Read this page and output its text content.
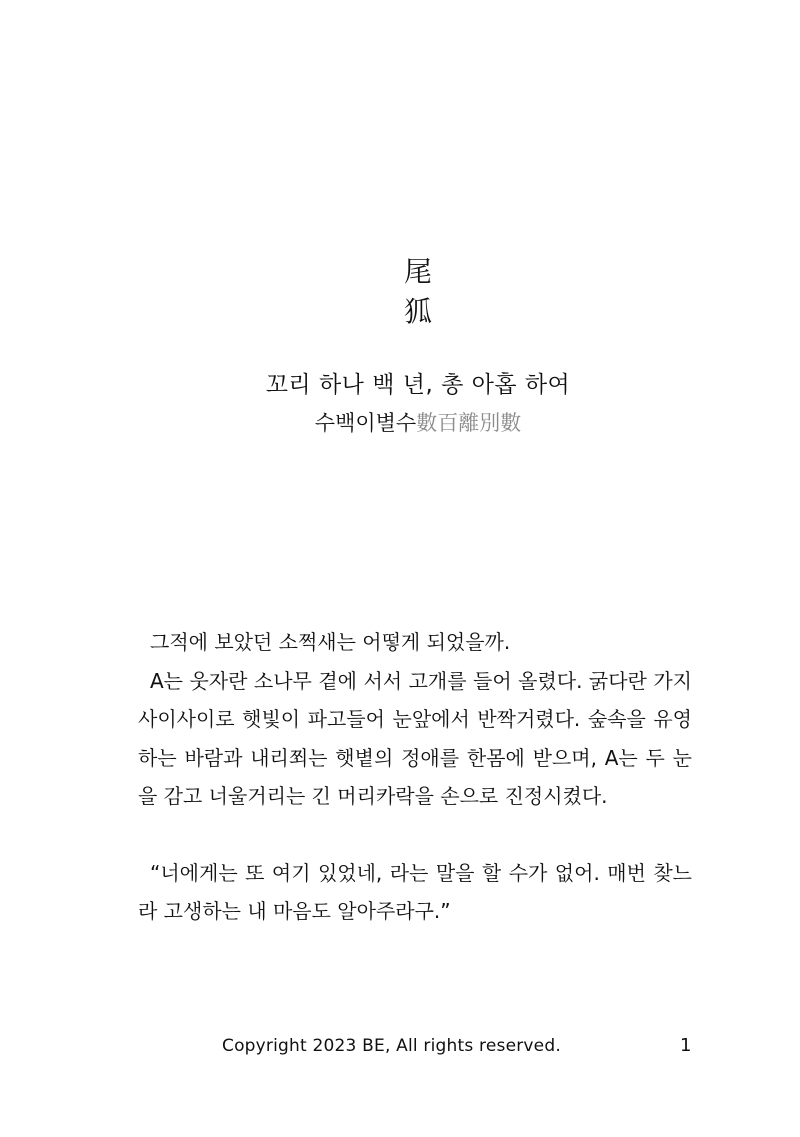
尾
狐
꼬리 하나 백 년, 총 아홉 하여
수백이별수數百離別數

그적에 보았던 소쩍새는 어떻게 되었을까.

A는 웃자란 소나무 곁에 서서 고개를 들어 올렸다. 굵다란 가지 사이사이로 햇빛이 파고들어 눈앞에서 반짝거렸다. 숲속을 유영하는 바람과 내리쬐는 햇볕의 정애를 한몸에 받으며, A는 두 눈을 감고 너울거리는 긴 머리카락을 손으로 진정시켰다.

“너에게는 또 여기 있었네, 라는 말을 할 수가 없어. 매번 찾느라 고생하는 내 마음도 알아주라구.”

Copyright 2023 BE, All rights reserved.	1
